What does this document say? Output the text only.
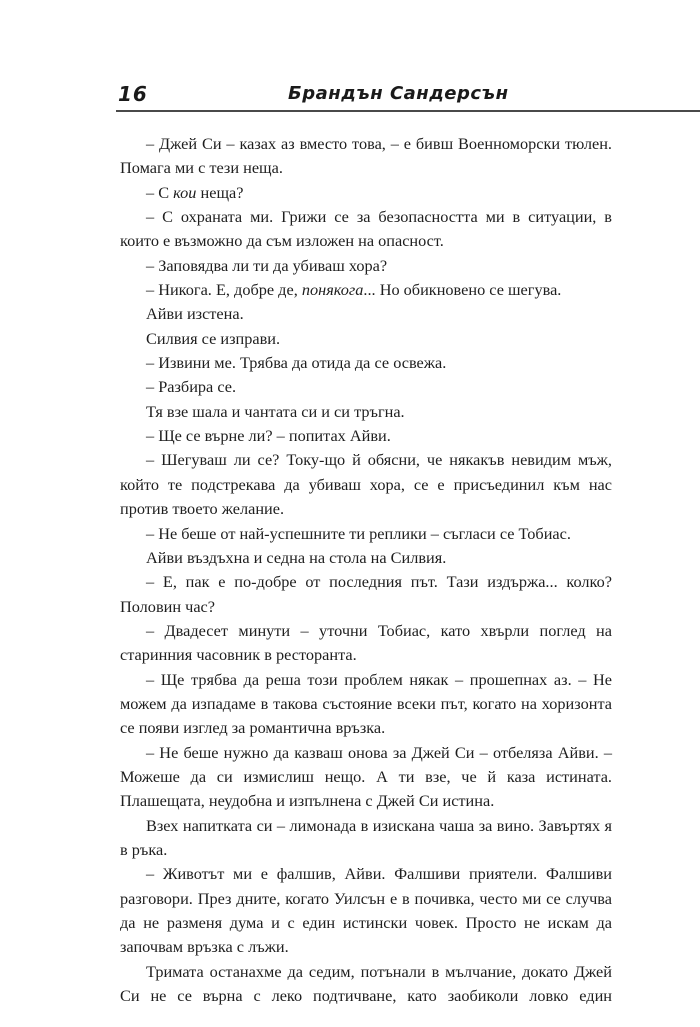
16	Брандън Сандерсън

– Джей Си – казах аз вместо това, – е бивш Военноморски тюлен. Помага ми с тези неща.

– С кои неща?

– С охраната ми. Грижи се за безопасността ми в ситуации, в които е възможно да съм изложен на опасност.

– Заповядва ли ти да убиваш хора?

– Никога. Е, добре де, понякога... Но обикновено се шегува.

Айви изстена.

Силвия се изправи.

– Извини ме. Трябва да отида да се освежа.

– Разбира се.

Тя взе шала и чантата си и си тръгна.

– Ще се върне ли? – попитах Айви.

– Шегуваш ли се? Току-що й обясни, че някакъв невидим мъж, който те подстрекава да убиваш хора, се е присъединил към нас против твоето желание.

– Не беше от най-успешните ти реплики – съгласи се Тобиас.

Айви въздъхна и седна на стола на Силвия.

– Е, пак е по-добре от последния път. Тази издържа... колко? Половин час?

– Двадесет минути – уточни Тобиас, като хвърли поглед на старинния часовник в ресторанта.

– Ще трябва да реша този проблем някак – прошепнах аз. – Не можем да изпадаме в такова състояние всеки път, когато на хоризонта се появи изглед за романтична връзка.

– Не беше нужно да казваш онова за Джей Си – отбеляза Айви. – Можеше да си измислиш нещо. А ти взе, че й каза истината. Плашещата, неудобна и изпълнена с Джей Си истина.

Взех напитката си – лимонада в изискана чаша за вино. Завъртях я в ръка.

– Животът ми е фалшив, Айви. Фалшиви приятели. Фалшиви разговори. През дните, когато Уилсън е в почивка, често ми се случва да не разменя дума и с един истински човек. Просто не искам да започвам връзка с лъжи.

Тримата останахме да седим, потънали в мълчание, докато Джей Си не се върна с леко подтичване, като заобиколи ловко един
